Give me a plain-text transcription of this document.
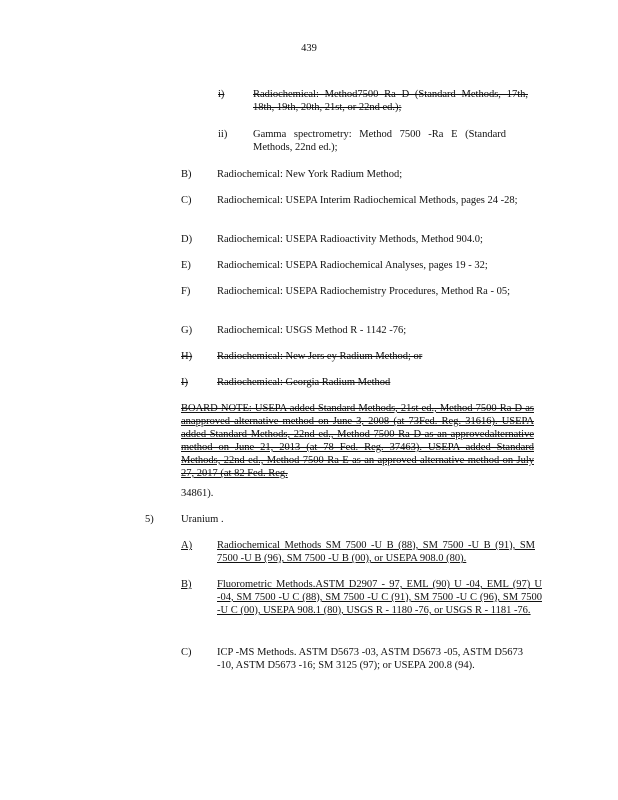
439
i)	Radiochemical: Method7500 Ra D (Standard Methods, 17th, 18th, 19th, 20th, 21st, or 22nd ed.);
ii) Gamma spectrometry: Method 7500 -Ra E (Standard Methods, 22nd ed.);
B) Radiochemical: New York Radium Method;
C) Radiochemical: USEPA Interim Radiochemical Methods, pages 24 -28;
D) Radiochemical: USEPA Radioactivity Methods, Method 904.0;
E) Radiochemical: USEPA Radiochemical Analyses, pages 19 - 32;
F)	Radiochemical: USEPA Radiochemistry Procedures, Method Ra - 05;
G) Radiochemical: USGS Method R - 1142 -76;
H) Radiochemical: New Jers ey Radium Method; or
I)	Radiochemical: Georgia Radium Method
BOARD NOTE: USEPA added Standard Methods, 21st ed., Method 7500 Ra D as anapproved alternative method on June 3, 2008 (at 73Fed. Reg. 31616). USEPA added Standard Methods, 22nd ed., Method 7500 Ra D as an approvedalternative method on June 21, 2013 (at 78 Fed. Reg. 37463). USEPA added Standard Methods, 22nd ed., Method 7500 Ra E as an approved alternative method on July 27, 2017 (at 82 Fed. Reg.
34861).
5)	Uranium .
A) Radiochemical Methods SM 7500 -U B (88), SM 7500 -U B (91), SM 7500 -U B (96), SM 7500 -U B (00), or USEPA 908.0 (80).
B) Fluorometric Methods.ASTM D2907 - 97, EML (90) U -04, EML (97) U -04, SM 7500 -U C (88), SM 7500 -U C (91), SM 7500 -U C (96), SM 7500 -U C (00), USEPA 908.1 (80), USGS R - 1180 -76, or USGS R - 1181 -76.
C) ICP -MS Methods. ASTM D5673 -03, ASTM D5673 -05, ASTM D5673 -10, ASTM D5673 -16; SM 3125 (97); or USEPA 200.8 (94).
